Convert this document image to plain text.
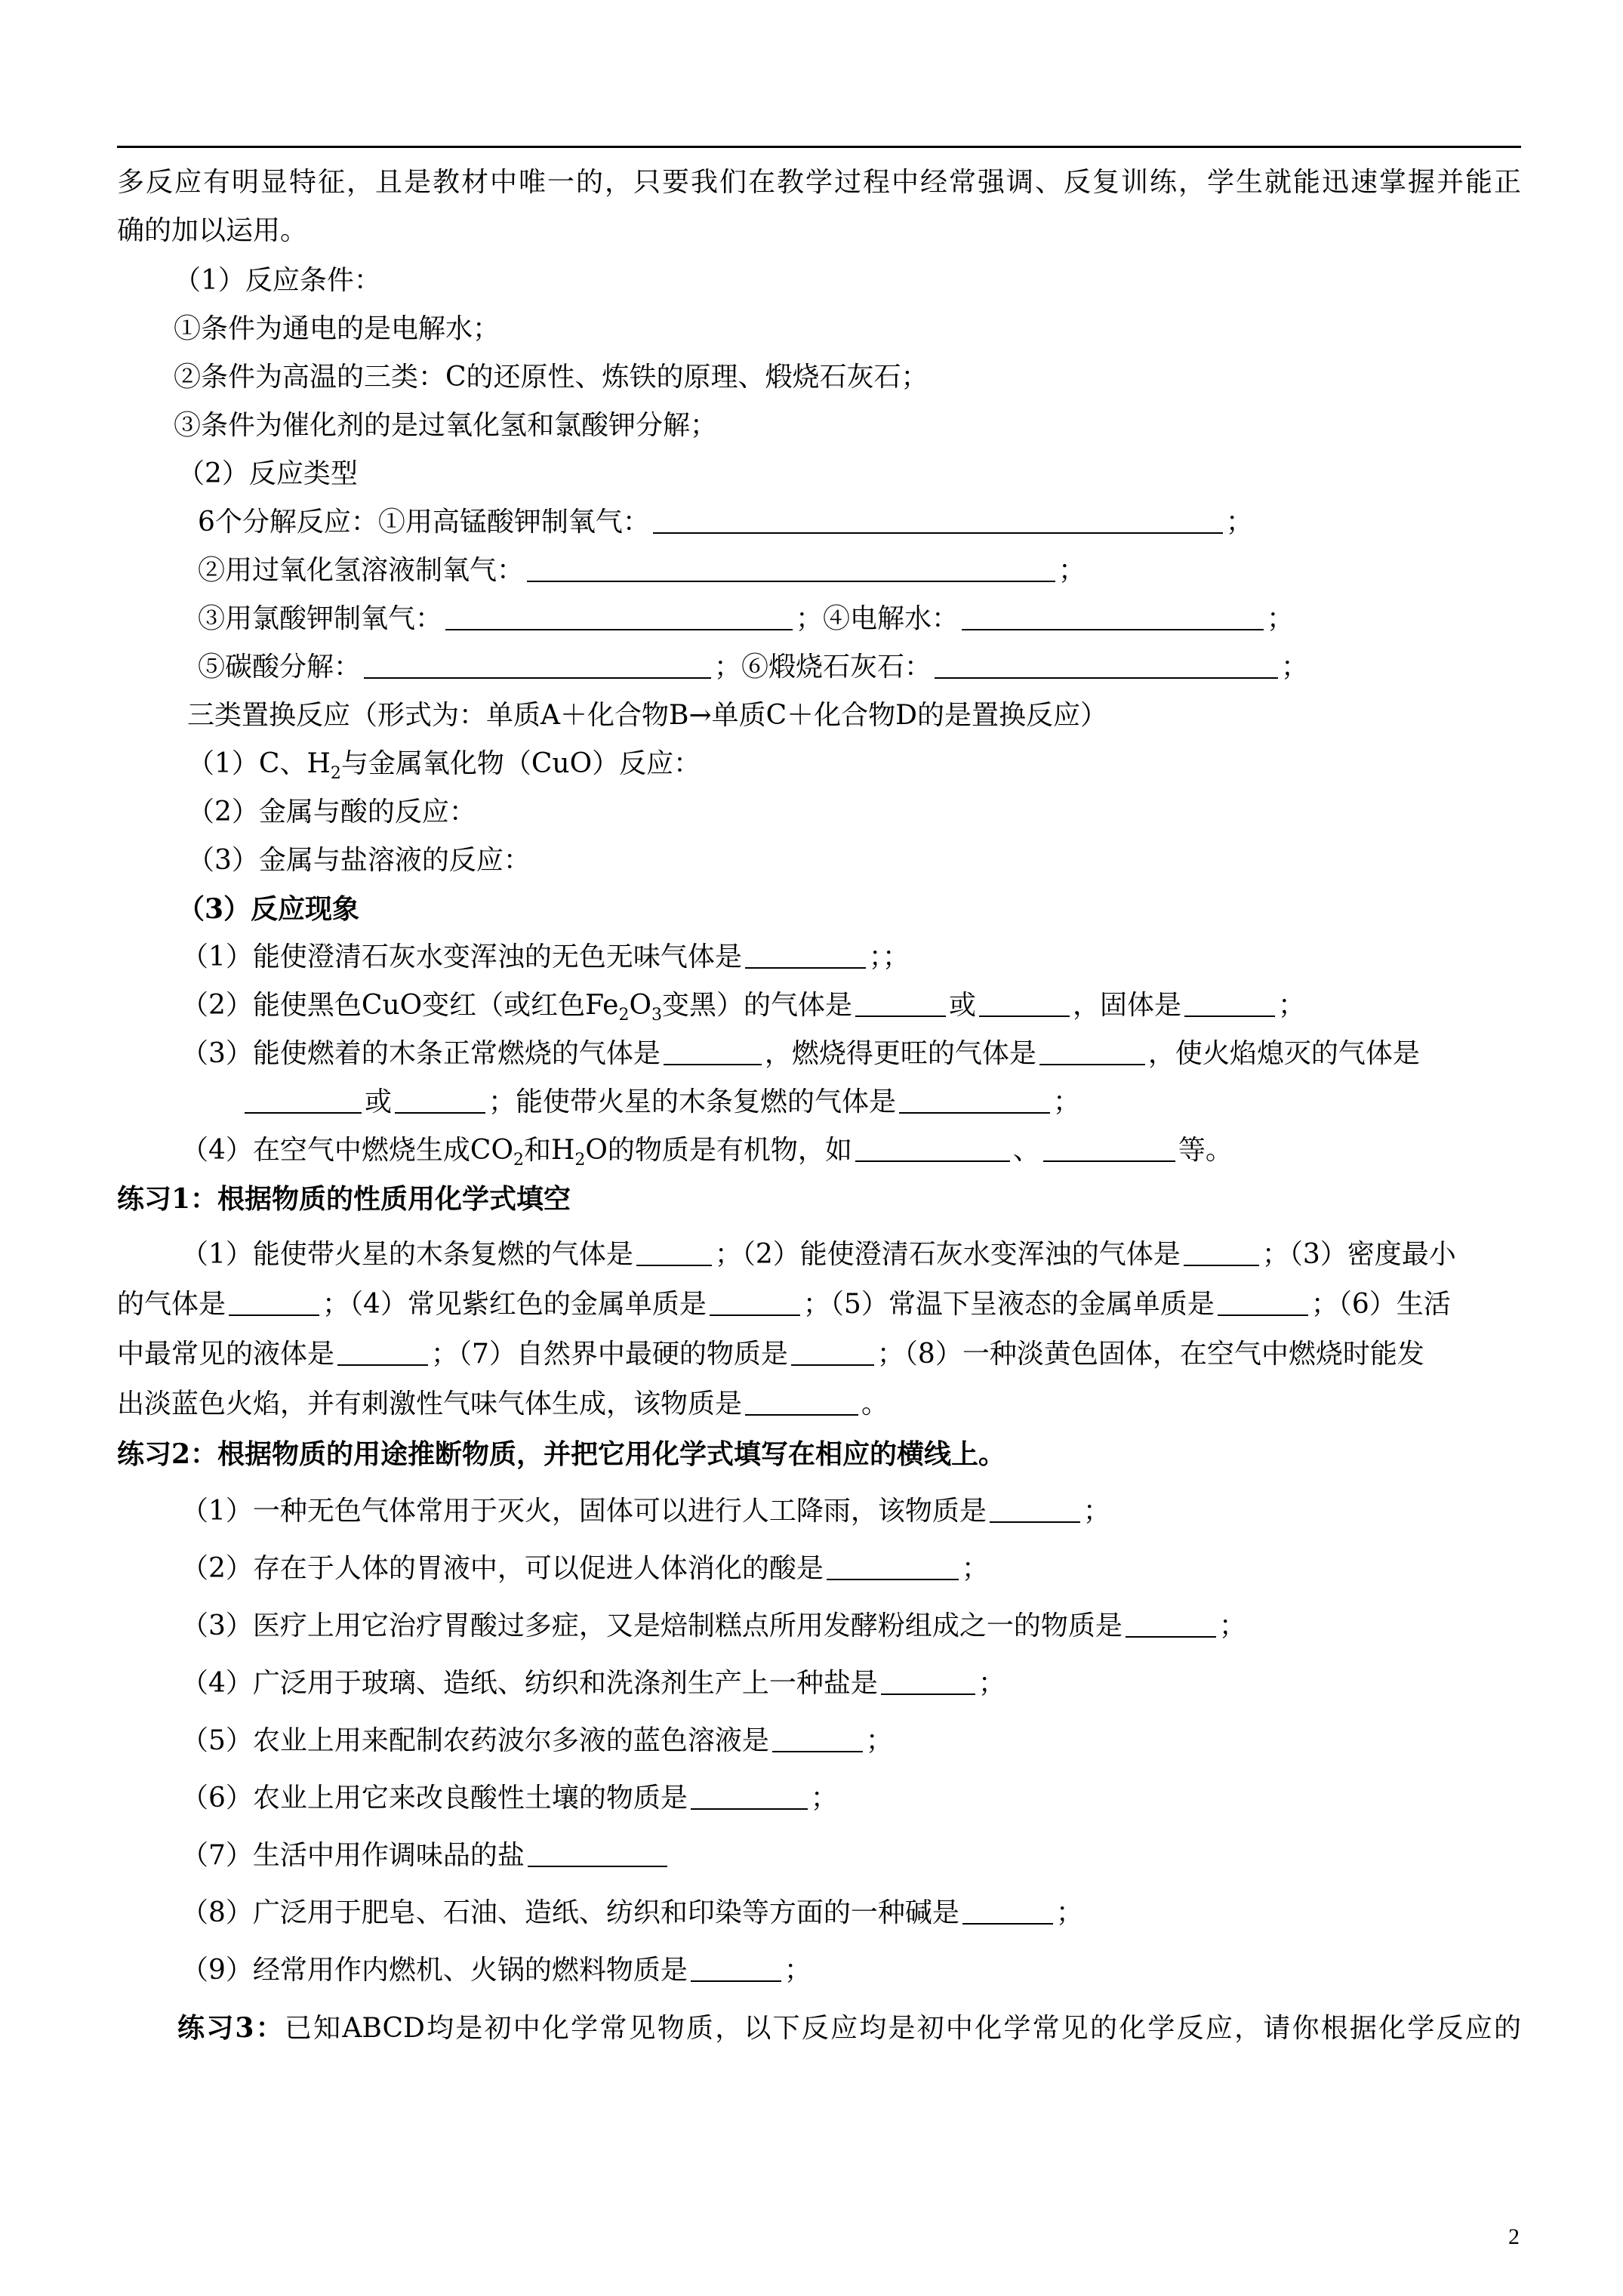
多反应有明显特征，且是教材中唯一的，只要我们在教学过程中经常强调、反复训练，学生就能迅速掌握并能正
确的加以运用。
（1）反应条件：
①条件为通电的是电解水；
②条件为高温的三类：C的还原性、炼铁的原理、煅烧石灰石；
③条件为催化剂的是过氧化氢和氯酸钾分解；
（2）反应类型
6个分解反应：①用高锰酸钾制氧气：	；
②用过氧化氢溶液制氧气：	；
③用氯酸钾制氧气：	；④电解水：	；
⑤碳酸分解：	；⑥煅烧石灰石：	；
三类置换反应（形式为：单质A＋化合物B→单质C＋化合物D的是置换反应）
（1）C、$H_2$与金属氧化物（CuO）反应：
（2）金属与酸的反应：
（3）金属与盐溶液的反应：
（3）反应现象
（1）能使澄清石灰水变浑浊的无色无味气体是	；；
（2）能使黑色CuO变红（或红色$Fe_2O_3$变黑）的气体是	或	，固体是	；
（3）能使燃着的木条正常燃烧的气体是	，燃烧得更旺的气体是	，使火焰熄灭的气体是
或	；能使带火星的木条复燃的气体是	；
（4）在空气中燃烧生成$CO_2$和$H_2O$的物质是有机物，如	、	等。
练习1：根据物质的性质用化学式填空
（1）能使带火星的木条复燃的气体是	；（2）能使澄清石灰水变浑浊的气体是	；（3）密度最小
的气体是	；（4）常见紫红色的金属单质是	；（5）常温下呈液态的金属单质是	；（6）生活
中最常见的液体是	；（7）自然界中最硬的物质是	；（8）一种淡黄色固体，在空气中燃烧时能发
出淡蓝色火焰，并有刺激性气味气体生成，该物质是	。
练习2：根据物质的用途推断物质，并把它用化学式填写在相应的横线上。
（1）一种无色气体常用于灭火，固体可以进行人工降雨，该物质是	；
（2）存在于人体的胃液中，可以促进人体消化的酸是	；
（3）医疗上用它治疗胃酸过多症，又是焙制糕点所用发酵粉组成之一的物质是	；
（4）广泛用于玻璃、造纸、纺织和洗涤剂生产上一种盐是	；
（5）农业上用来配制农药波尔多液的蓝色溶液是	；
（6）农业上用它来改良酸性土壤的物质是	；
（7）生活中用作调味品的盐
（8）广泛用于肥皂、石油、造纸、纺织和印染等方面的一种碱是	；
（9）经常用作内燃机、火锅的燃料物质是	；
练习3：已知ABCD均是初中化学常见物质，以下反应均是初中化学常见的化学反应，请你根据化学反应的
2
